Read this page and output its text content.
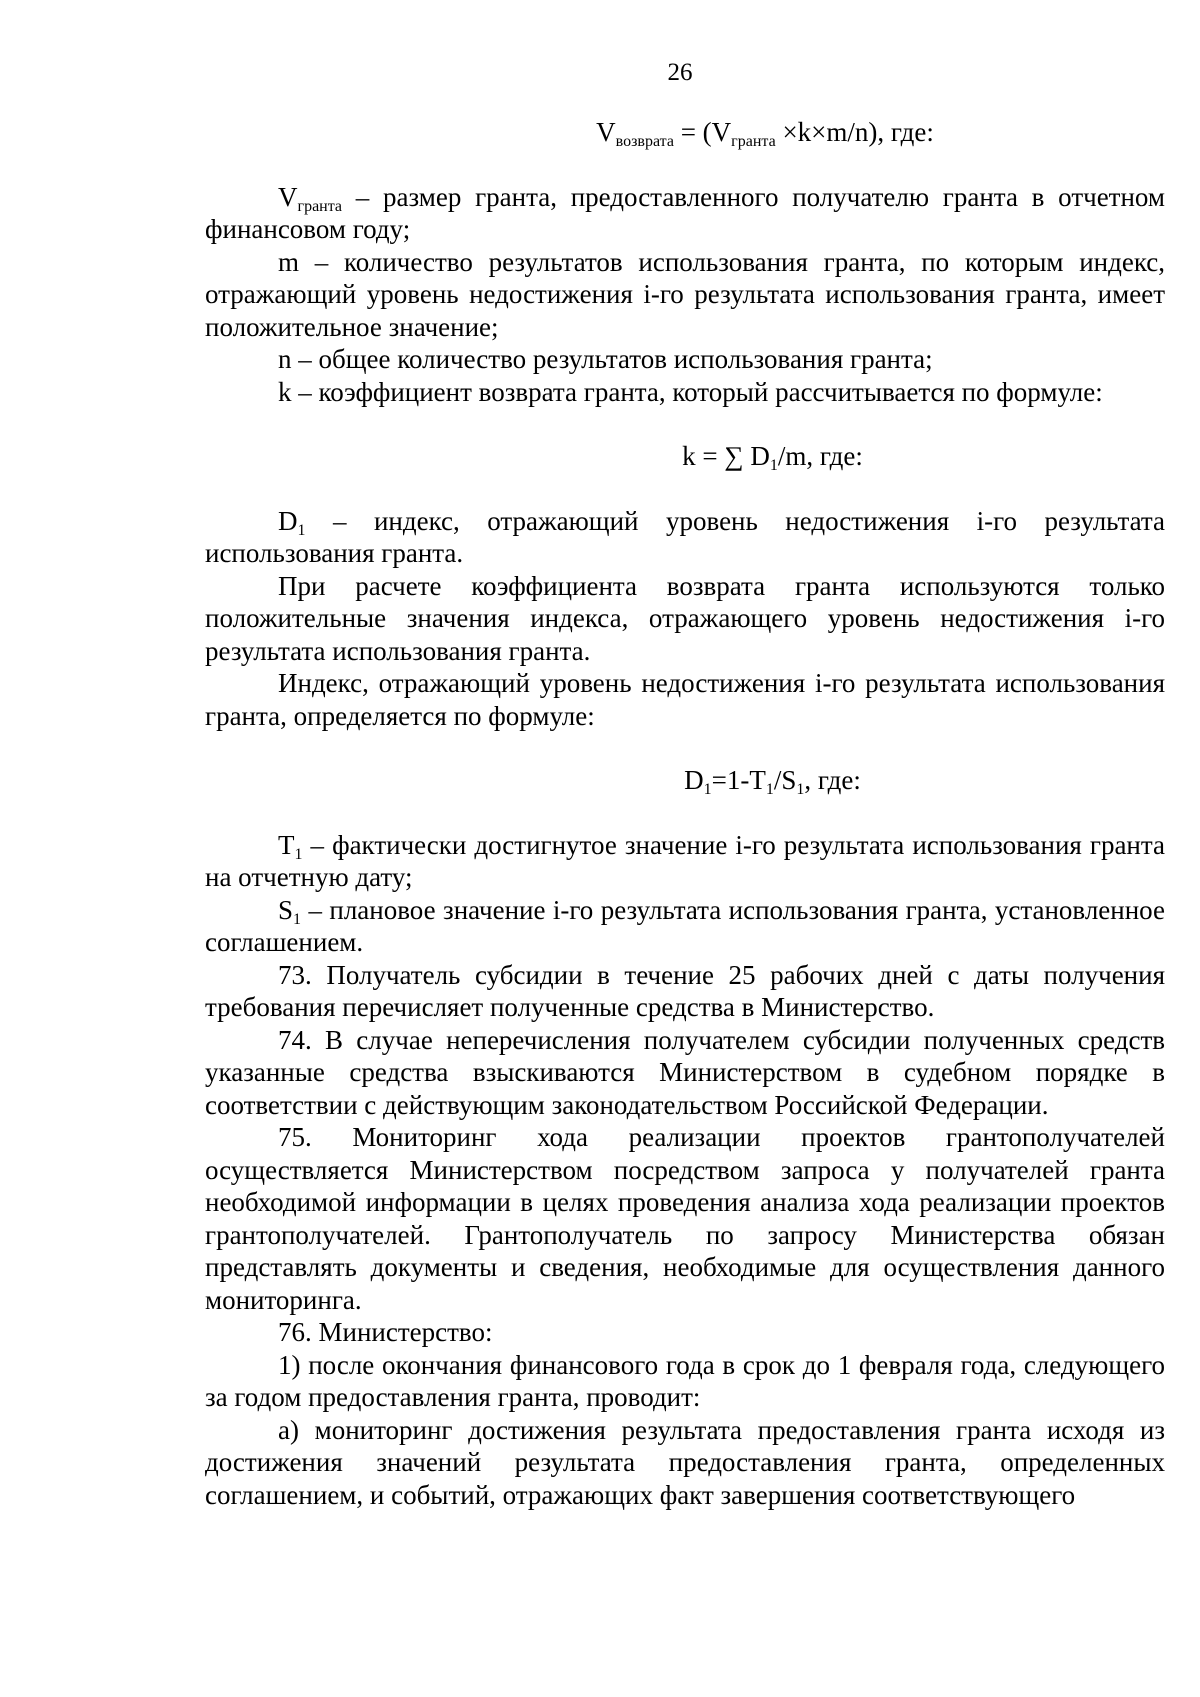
26

$V_{возврата} = (V_{гранта} \times k\times m/n)$, где:

$V_{гранта}$ – размер гранта, предоставленного получателю гранта в отчетном финансовом году;

m – количество результатов использования гранта, по которым индекс, отражающий уровень недостижения i-го результата использования гранта, имеет положительное значение;

n – общее количество результатов использования гранта;

k – коэффициент возврата гранта, который рассчитывается по формуле:

k = ∑ $D_1/m$, где:

$D_1$ – индекс, отражающий уровень недостижения i-го результата использования гранта.

При расчете коэффициента возврата гранта используются только положительные значения индекса, отражающего уровень недостижения i-го результата использования гранта.

Индекс, отражающий уровень недостижения i-го результата использования гранта, определяется по формуле:

$D_1=1-T_1/S_1$, где:

$T_1$ – фактически достигнутое значение i-го результата использования гранта на отчетную дату;

$S_1$ – плановое значение i-го результата использования гранта, установленное соглашением.

73. Получатель субсидии в течение 25 рабочих дней с даты получения требования перечисляет полученные средства в Министерство.

74. В случае неперечисления получателем субсидии полученных средств указанные средства взыскиваются Министерством в судебном порядке в соответствии с действующим законодательством Российской Федерации.

75. Мониторинг хода реализации проектов грантополучателей осуществляется Министерством посредством запроса у получателей гранта необходимой информации в целях проведения анализа хода реализации проектов грантополучателей. Грантополучатель по запросу Министерства обязан представлять документы и сведения, необходимые для осуществления данного мониторинга.

76. Министерство:

1) после окончания финансового года в срок до 1 февраля года, следующего за годом предоставления гранта, проводит:

а) мониторинг достижения результата предоставления гранта исходя из достижения значений результата предоставления гранта, определенных соглашением, и событий, отражающих факт завершения соответствующего
